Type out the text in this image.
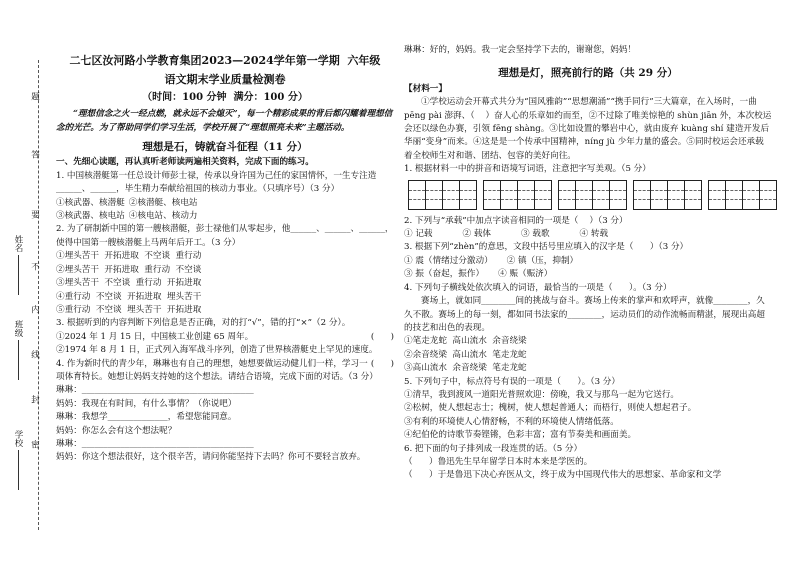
题
答
要
不
内
线
封
密
姓名
班级
学校

二七区汝河路小学教育集团2023—2024学年第一学期  六年级

语文期末学业质量检测卷

（时间：100 分钟  满分：100 分）

“理想信念之火一经点燃，就永远不会熄灭”，每一个精彩成果的背后都闪耀着理想信念的光芒。为了帮助同学们学习生活，学校开展了“理想照亮未来”主题活动。

理想是石，铸就奋斗征程（11 分）

一、先细心读题，再认真听老师读两遍相关资料，完成下面的练习。

1. 中国核潜艇第一任总设计师彭士禄，传承以身许国为己任的家国情怀，一生专注造______、______，毕生精力奉献给祖国的核动力事业。（只填序号）（3 分）

①核武器、核潜艇 ②核潜艇、核电站
③核武器、核电站 ④核电站、核动力

2. 为了研制新中国的第一艘核潜艇，彭士禄他们从零起步，他______、______、______，使得中国第一艘核潜艇上马两年后开工。（3 分）

①埋头苦干  开拓进取  不空谈  重行动

②埋头苦干  开拓进取  重行动  不空谈

③埋头苦干  不空谈  重行动  开拓进取

④重行动  不空谈  开拓进取  埋头苦干

⑤重行动  不空谈  埋头苦干  开拓进取

3. 根据听到的内容判断下列信息是否正确，对的打“√”，错的打“×”（2 分）。

①2024 年 1 月 15 日，中国核工业创建 65 周年。	(      )

②1974 年 8 月 1 日，正式列入海军战斗序列，创造了世界核潜艇史上罕见的速度。
(      )

4. 作为新时代的青少年，琳琳也有自己的理想，她想要做运动健儿们一样，学习一项体育特长。她想让妈妈支持她的这个想法。请结合语境，完成下面的对话。（3 分）

琳琳：________________________________________

妈妈：我现在有时间，有什么事情？（你说吧）

琳琳：我想学______________，希望您能同意。

妈妈：你怎么会有这个想法呢？

琳琳：________________________________________

妈妈：你这个想法很好，这个很辛苦，请问你能坚持下去吗？你可不要轻言放弃。

琳琳：好的，妈妈。我一定会坚持学下去的，谢谢您，妈妈！

理想是灯，照亮前行的路（共 29 分）

【材料一】

①学校运动会开幕式共分为“国风雅韵”“思想潮涌”“携手同行”三大篇章，在入场时，一曲 pēng pài 澎湃、（    ）奋人心的乐章如约而至，②不过除了唯美惊艳的 shùn jiān 外，本次校运会还以绿色办赛，引领 fēng shàng。③比如设置的攀岩中心，就由废弃 kuàng shí 建造开发后华丽“变身”而来。④这是是一个传承中国精神，níng jù 少年力量的盛会。⑤同时校运会还承载着全校师生对和谐、团结、包容的美好向往。

1. 根据材料一中的拼音和语境写词语，注意把字写美观。（5 分）

2. 下列与“承载”中加点字读音相同的一项是（    ）（3 分）

① 记载	② 载体	③ 载歌	④ 转载

3. 根据下列“zhèn”的意思，文段中括号里应填入的汉字是（      ）（3 分）

① 震（情绪过分激动） ② 镇（压，抑制）
③ 振（奋起，振作） ④ 赈（赈济）

4. 下列句子横线处依次填入的词语，最恰当的一项是（      ）。（3 分）

赛场上，就如同________间的挑战与奋斗。赛场上传来的掌声和欢呼声，就像________，久久不散。赛场上的每一刻，都如同书法家的________，运动员们的动作流畅而精湛，展现出高超的技艺和出色的表现。

①笔走龙蛇  高山流水  余音绕梁

②余音绕梁  高山流水  笔走龙蛇

③高山流水  余音绕梁  笔走龙蛇

5. 下列句子中，标点符号有误的一项是（      ）。（3 分）

①清早，我到渡风一道阳光普照欢迎：傍晚，我又与那鸟一起为它送行。

②松树，使人想起志士；槐树，使人想起普通人；而梧行，则使人想起君子。

③有利的环境使人心情舒畅，不利的环境使人情绪低落。

④纪伯伦的诗歌节奏铿锵，色彩丰富；富有节奏美和画面美。

6. 把下面的句子排列成一段连贯的话。（5 分）

（      ）鲁迅先生早年留学日本时本来是学医的。

（      ）于是鲁迅下决心弃医从文，终于成为中国现代伟大的思想家、革命家和文学
